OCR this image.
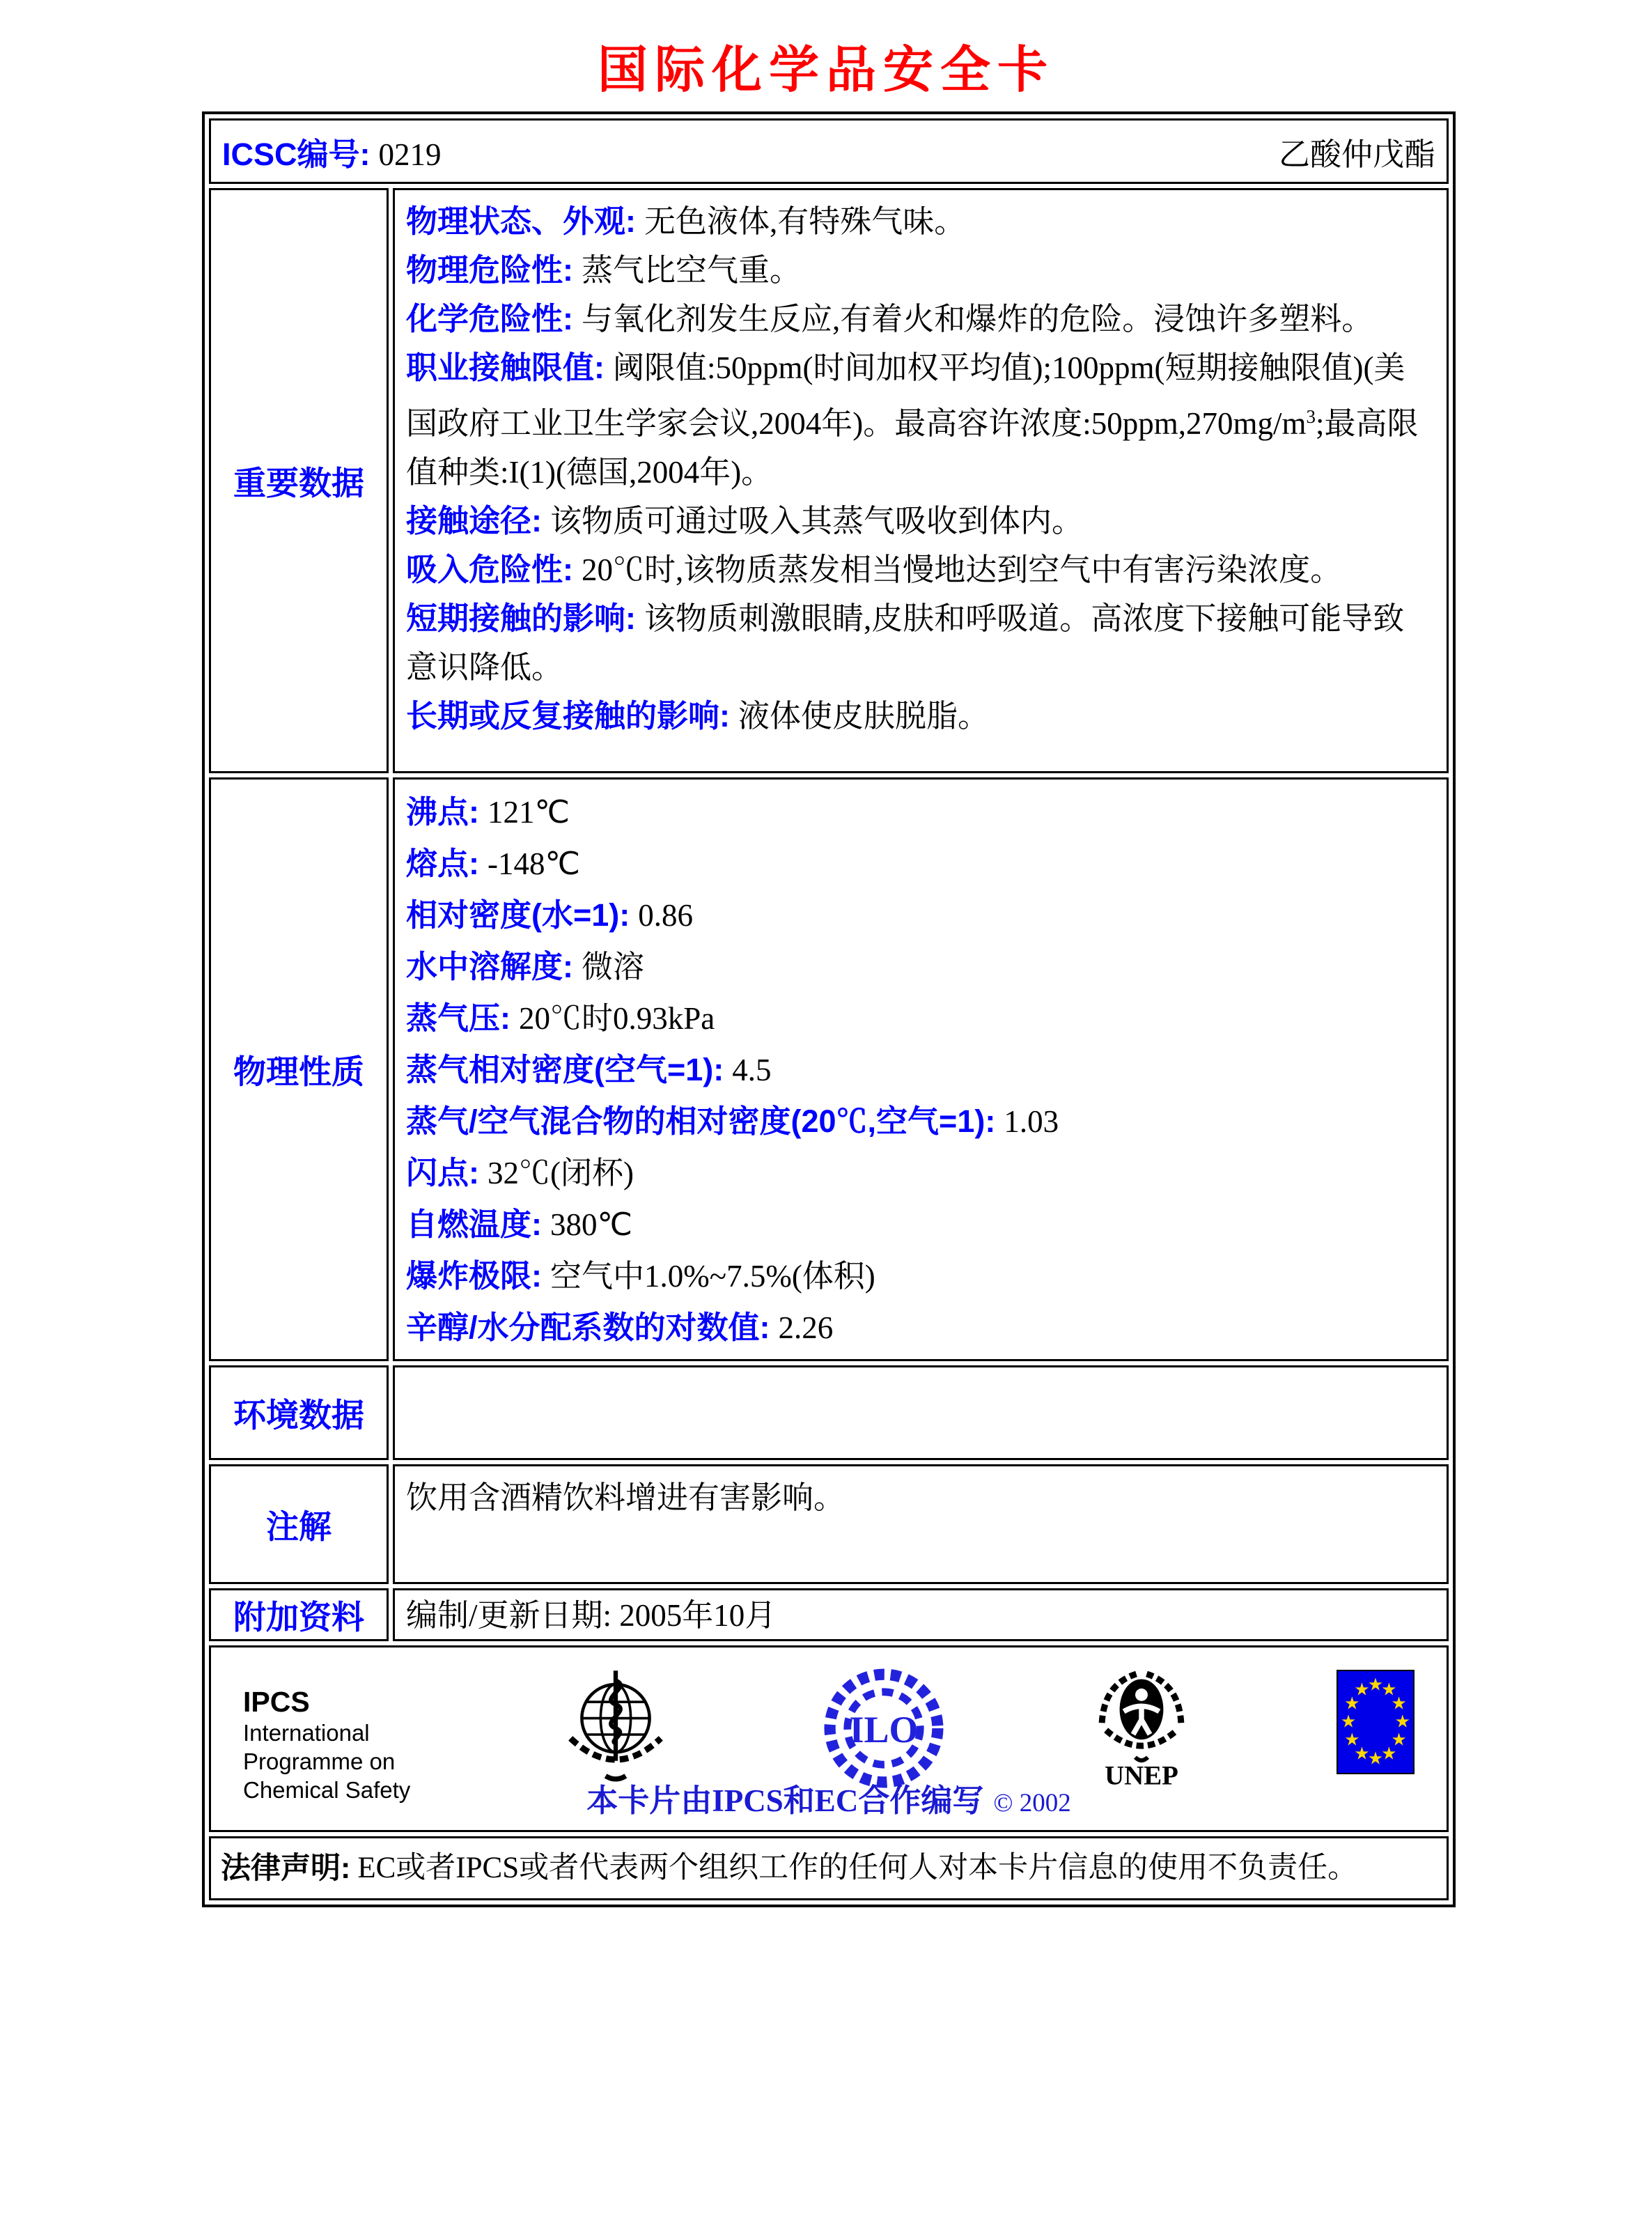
国际化学品安全卡
ICSC编号: 0219	乙酸仲戊酯
重要数据
物理状态、外观: 无色液体,有特殊气味。
物理危险性: 蒸气比空气重。
化学危险性: 与氧化剂发生反应,有着火和爆炸的危险。浸蚀许多塑料。
职业接触限值: 阈限值:50ppm(时间加权平均值);100ppm(短期接触限值)(美国政府工业卫生学家会议,2004年)。最高容许浓度$:50ppm,270mg/m^3$;最高限值种类:I(1)(德国,2004年)。
接触途径: 该物质可通过吸入其蒸气吸收到体内。
吸入危险性: 20℃时,该物质蒸发相当慢地达到空气中有害污染浓度。
短期接触的影响: 该物质刺激眼睛,皮肤和呼吸道。高浓度下接触可能导致意识降低。
长期或反复接触的影响: 液体使皮肤脱脂。
物理性质
沸点: 121℃
熔点: -148℃
相对密度(水=1): 0.86
水中溶解度: 微溶
蒸气压: 20℃时0.93kPa
蒸气相对密度(空气=1): 4.5
蒸气/空气混合物的相对密度(20℃,空气=1): 1.03
闪点: 32℃(闭杯)
自燃温度: 380℃
爆炸极限: 空气中1.0%~7.5%(体积)
辛醇/水分配系数的对数值: 2.26
环境数据
注解
饮用含酒精饮料增进有害影响。
附加资料 编制/更新日期: 2005年10月
IPCS
International
Programme on
Chemical Safety
ILO
UNEP
★
★
★
★
★
★
★
★
★
★
★
★
本卡片由IPCS和EC合作编写 © 2002
法律声明: EC或者IPCS或者代表两个组织工作的任何人对本卡片信息的使用不负责任。
